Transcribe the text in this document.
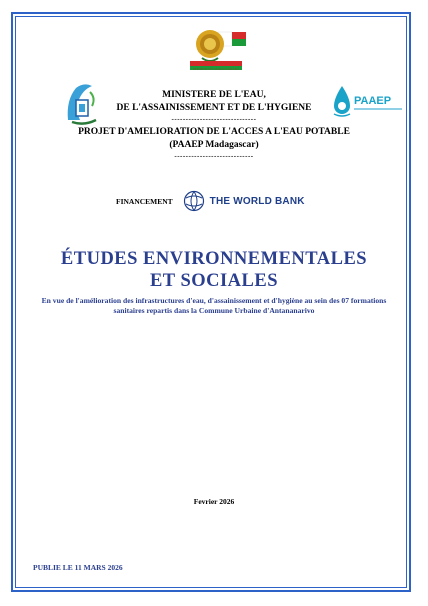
REPOBLIKAN'I MADAGASIKARA
PAAEP
MINISTERE DE L'EAU,
DE L'ASSAINISSEMENT ET DE L'HYGIENE
------------------------------
PROJET D'AMELIORATION DE L'ACCES A L'EAU POTABLE
(PAAEP Madagascar)
----------------------------
FINANCEMENT	THE WORLD BANK
ÉTUDES ENVIRONNEMENTALES
ET SOCIALES
En vue de l'amélioration des infrastructures d'eau, d'assainissement et d'hygiène au sein des 07 formations sanitaires repartis dans la Commune Urbaine d'Antananarivo
Fevrier 2026
PUBLIE LE 11 MARS 2026
